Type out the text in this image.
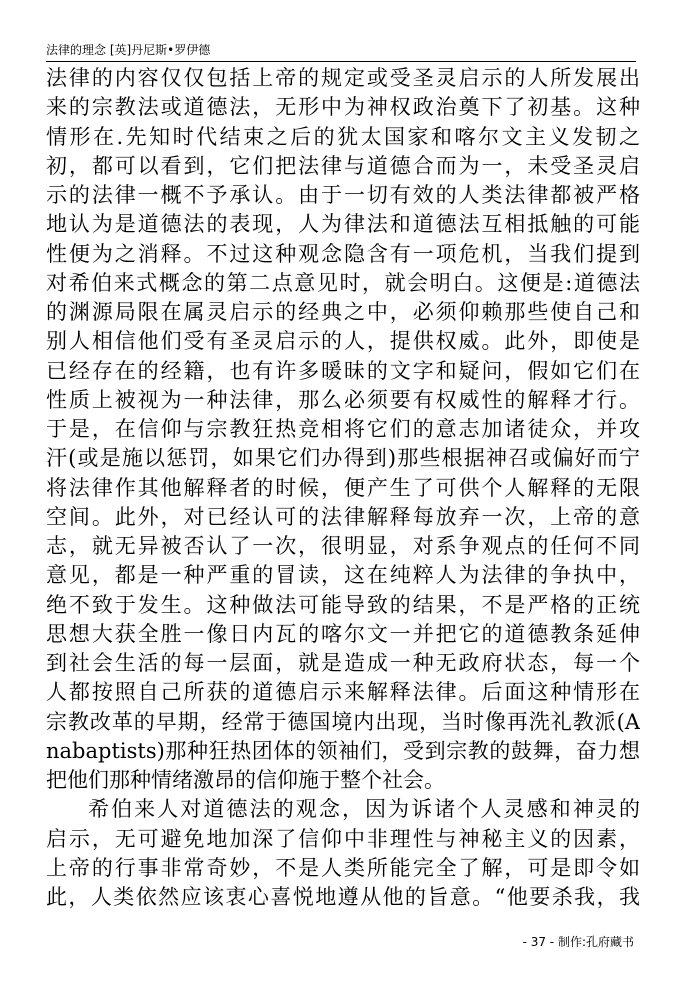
法律的理念 [英]丹尼斯•罗伊德
法律的内容仅仅包括上帝的规定或受圣灵启示的人所发展出
来的宗教法或道德法，无形中为神权政治奠下了初基。这种
情形在.先知时代结束之后的犹太国家和喀尔文主义发韧之
初，都可以看到，它们把法律与道德合而为一，未受圣灵启
示的法律一概不予承认。由于一切有效的人类法律都被严格
地认为是道德法的表现，人为律法和道德法互相抵触的可能
性便为之消释。不过这种观念隐含有一项危机，当我们提到
对希伯来式概念的第二点意见时，就会明白。这便是:道德法
的渊源局限在属灵启示的经典之中，必须仰赖那些使自己和
别人相信他们受有圣灵启示的人，提供权威。此外，即使是
已经存在的经籍，也有许多暖昧的文字和疑问，假如它们在
性质上被视为一种法律，那么必须要有权威性的解释才行。
于是，在信仰与宗教狂热竞相将它们的意志加诸徒众，并攻
汗(或是施以惩罚，如果它们办得到)那些根据神召或偏好而宁
将法律作其他解释者的时候，便产生了可供个人解释的无限
空间。此外，对已经认可的法律解释每放弃一次，上帝的意
志，就无异被否认了一次，很明显，对系争观点的任何不同
意见，都是一种严重的冒读，这在纯粹人为法律的争执中，
绝不致于发生。这种做法可能导致的结果，不是严格的正统
思想大获全胜一像日内瓦的喀尔文一并把它的道德教条延伸
到社会生活的每一层面，就是造成一种无政府状态，每一个
人都按照自己所获的道德启示来解释法律。后面这种情形在
宗教改革的早期，经常于德国境内出现，当时像再洗礼教派(A
nabaptists)那种狂热团体的领袖们，受到宗教的鼓舞，奋力想
把他们那种情绪激昂的信仰施于整个社会。
希伯来人对道德法的观念，因为诉诸个人灵感和神灵的
启示，无可避免地加深了信仰中非理性与神秘主义的因素，
上帝的行事非常奇妙，不是人类所能完全了解，可是即令如
此，人类依然应该衷心喜悦地遵从他的旨意。“他要杀我，我
- 37 - 制作:孔府藏书
